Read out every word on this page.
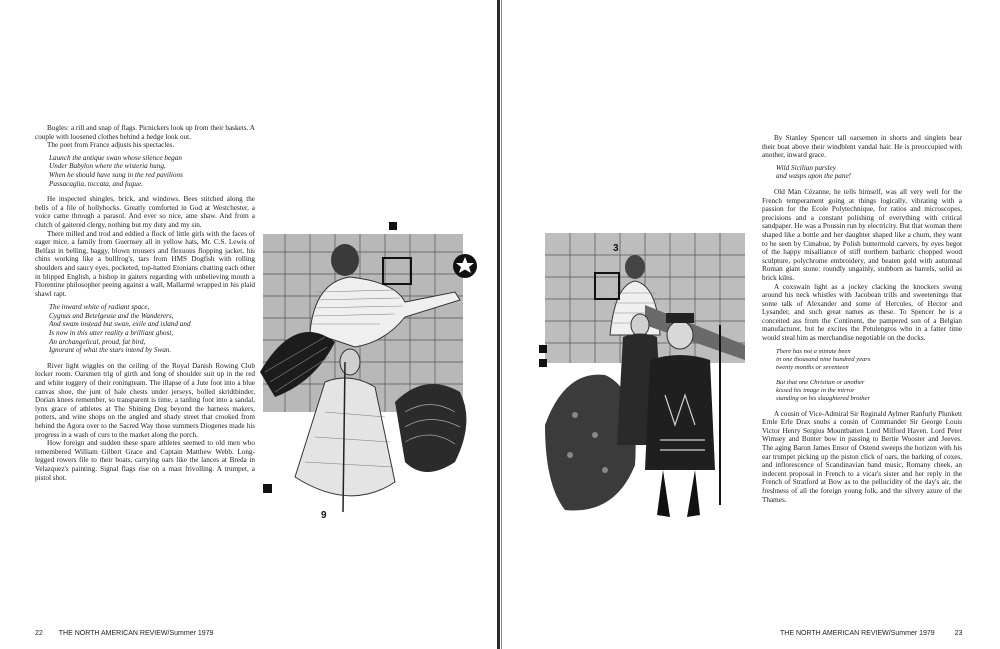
Bugles: a rill and snap of flags. Picnickers look up from their baskets. A couple with loosened clothes behind a hedge look out.

The poet from France adjusts his spectacles.

Launch the antique swan whose silence began
Under Babylon where the wisteria hung,
When he should have sung in the red pavilions
Passacaglia, toccata, and fugue.

He inspected shingles, brick, and windows. Bees stitched along the bells of a file of hollyhocks. Greatly comforted in God at Westchester, a voice came through a parasol. And ever so nice, ame shaw. And from a clutch of gaitered clergy, nothing but my duty and my sin.

There milled and trod and eddied a flock of little girls with the faces of eager mice, a family from Guernsey all in yellow hats, Mr. C.S. Lewis of Belfast in belling, baggy, blown trousers and flexuous flopping jacket, his chins working like a bullfrog's, tars from HMS Dogfish with rolling shoulders and saucy eyes, pocketed, top-hatted Etonians chatting each other in blipped English, a bishop in gaiters regarding with unbelieving mouth a Florentine philosopher peeing against a wall, Mallarmé wrapped in his plaid shawl rapt.

The inward white of radiant space,
Cygnus and Betelgeuse and the Wanderers,
And swam instead but swan, exile and island and
Is now in this utter reality a brilliant ghost,
An archangelical, proud, fat bird,
Ignorant of what the stars intend by Swan.

River light wiggles on the ceiling of the Royal Danish Rowing Club locker room. Oarsmen trig of girth and long of shoulder suit up in the red and white toggery of their roningteam. The illapse of a Jute foot into a blue canvas shoe, the junt of hale chests under jerseys, bolled skridtbinder, Dorian knees remember, so transparent is time, a tanling foot into a sandal, lynx grace of athletes at The Shining Dog beyond the harness makers, potters, and wine shops on the angled and shady street that crooked from behind the Agora over to the Sacred Way those summers Diogenes made his progress in a wash of curs to the market along the porch.

How foreign and sudden these spare athletes seemed to old men who remembered William Gilbert Grace and Captain Matthew Webb. Long-legged rowers file to their boats, carrying oars like the lances at Breda in Velazquez's painting. Signal flags rise on a mast frivolling. A trumpet, a pistol shot.

9
22 THE NORTH AMERICAN REVIEW/Summer 1979
3

By Stanley Spencer tall oarsemen in shorts and singlets bear their boat above their windblent vandal hair. He is preoccupied with another, inward grace.

Wild Sicilian parsley
and wasps upon the pane!

Old Man Cézanne, he tells himself, was all very well for the French temperament going at things logically, vibrating with a passion for the Ecole Polytechnique, for ratios and microscopes, precisions and a constant polishing of everything with critical sandpaper. He was a Poussin run by electricity. But that woman there shaped like a bottle and her daughter shaped like a churn, they want to be seen by Cimabue, by Polish buttermold carvers, by eyes begot of the happy misalliance of stiff northern barbaric chopped wood sculpture, polychrome embroidery, and beaten gold with autumnal Roman giant stone: roundly ungainly, stubborn as barrels, solid as brick kilns.

A coxswain light as a jockey clacking the knockers swung around his neck whistles with Jacobean trills and sweetenings that some talk of Alexander and some of Hercules, of Hector and Lysander, and such great names as these. To Spencer he is a conceited ass from the Continent, the pampered son of a Belgian manufacturer, but he excites the Petulengros who in a fatter time would steal him as merchandise negotiable on the docks.

There has not a minute been
in one thousand nine hundred years
twenty months or seventeen
But that one Christian or another
kissed his image in the mirror
standing on his slaughtered brother

A cousin of Vice-Admiral Sir Reginald Aylmer Ranfurly Plunkett Ernle Erle Drax snubs a cousin of Commander Sir George Louis Victor Henry Sergius Mountbatten Lord Milford Haven. Lord Peter Wimsey and Bunter bow in passing to Bertie Wooster and Jeeves. The aging Baron James Ensor of Ostend sweeps the horizon with his ear trumpet picking up the piston click of oars, the barking of coxes, and inflorescence of Scandinavian band music, Romany cheek, an indecent proposal in French to a vicar's sister and her reply in the French of Stratford at Bow as to the pellucidity of the day's air, the freshness of all the foreign young folk, and the silvery azure of the Thames.

THE NORTH AMERICAN REVIEW/Summer 1979	23
